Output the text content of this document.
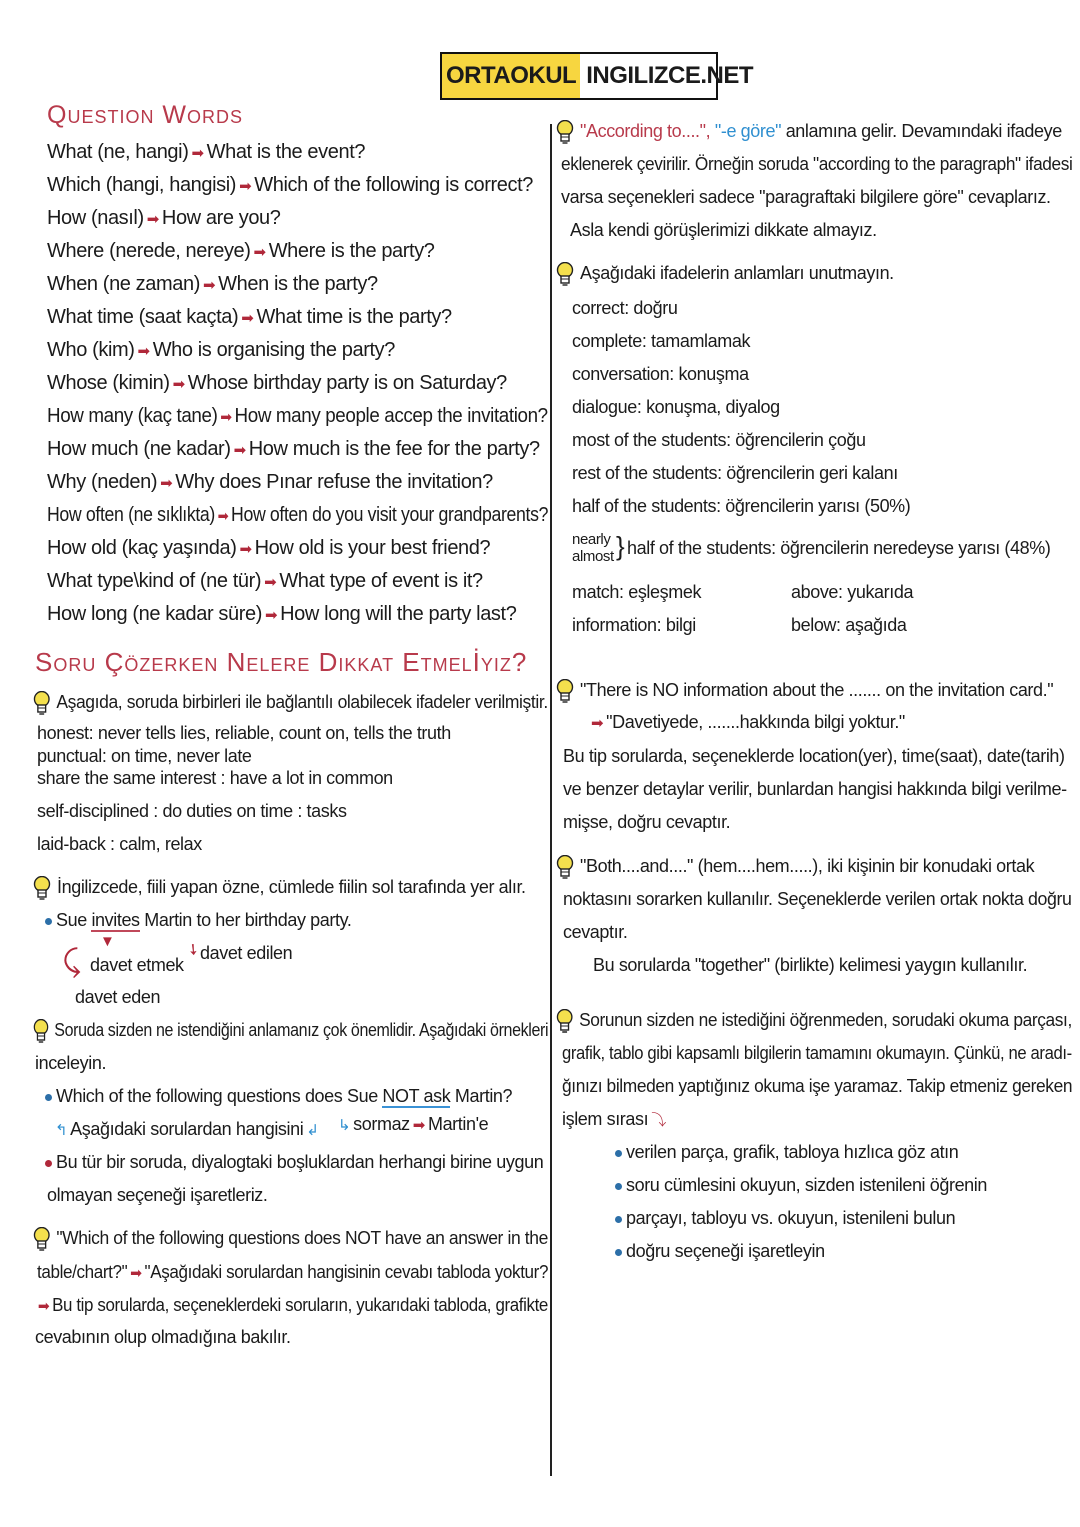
ORTAOKUL INGILIZCE.NET
Question Words
What (ne, hangi) ➡ What is the event?
Which (hangi, hangisi) ➡ Which of the following is correct?
How (nasıl) ➡ How are you?
Where (nerede, nereye) ➡ Where is the party?
When (ne zaman) ➡ When is the party?
What time (saat kaçta) ➡ What time is the party?
Who (kim) ➡ Who is organising the party?
Whose (kimin) ➡ Whose birthday party is on Saturday?
How many (kaç tane) ➡ How many people accep the invitation?
How much (ne kadar) ➡ How much is the fee for the party?
Why (neden) ➡ Why does Pınar refuse the invitation?
How often (ne sıklıkta) ➡ How often do you visit your grandparents?
How old (kaç yaşında) ➡ How old is your best friend?
What type\kind of (ne tür) ➡ What type of event is it?
How long (ne kadar süre) ➡ How long will the party last?
Soru Çözerken Nelere Dikkat Etmelİyiz?
Aşagıda, soruda birbirleri ile bağlantılı olabilecek ifadeler verilmiştir.
honest: never tells lies, reliable, count on, tells the truth
punctual: on time, never late
share the same interest : have a lot in common
self-disciplined : do duties on time : tasks
laid-back : calm, relax
İngilizcede, fiili yapan özne, cümlede fiilin sol tarafında yer alır.
Sue invites Martin to her birthday party.
▼	➘
⤹ davet etmek
davet edilen
davet eden
Soruda sizden ne istendiğini anlamanız çok önemlidir. Aşağıdaki örnekleri
inceleyin.
Which of the following questions does Sue NOT ask Martin?
↰ Aşağıdaki sorulardan hangisini ↲ ↳ sormaz ➡ Martin'e
Bu tür bir soruda, diyalogtaki boşluklardan herhangi birine uygun
olmayan seçeneği işaretleriz.
"Which of the following questions does NOT have an answer in the
table/chart?" ➡ "Aşağıdaki sorulardan hangisinin cevabı tabloda yoktur?
➡ Bu tip sorularda, seçeneklerdeki soruların, yukarıdaki tabloda, grafikte
cevabının olup olmadığına bakılır.
"According to....", "-e göre" anlamına gelir. Devamındaki ifadeye
eklenerek çevirilir. Örneğin soruda "according to the paragraph" ifadesi
varsa seçenekleri sadece "paragraftaki bilgilere göre" cevaplarız.
Asla kendi görüşlerimizi dikkate almayız.
Aşağıdaki ifadelerin anlamları unutmayın.
correct: doğru
complete: tamamlamak
conversation: konuşma
dialogue: konuşma, diyalog
most of the students: öğrencilerin çoğu
rest of the students: öğrencilerin geri kalanı
half of the students: öğrencilerin yarısı (50%)
nearly
almost } half of the students: öğrencilerin neredeyse yarısı (48%)
match: eşleşmek
information: bilgi
above: yukarıda
below: aşağıda
"There is NO information about the ....... on the invitation card."
➡ "Davetiyede, .......hakkında bilgi yoktur."
Bu tip sorularda, seçeneklerde location(yer), time(saat), date(tarih)
ve benzer detaylar verilir, bunlardan hangisi hakkında bilgi verilme-
mişse, doğru cevaptır.
"Both....and...." (hem....hem.....), iki kişinin bir konudaki ortak
noktasını sorarken kullanılır. Seçeneklerde verilen ortak nokta doğru
cevaptır.
Bu sorularda "together" (birlikte) kelimesi yaygın kullanılır.
Sorunun sizden ne istediğini öğrenmeden, sorudaki okuma parçası,
grafik, tablo gibi kapsamlı bilgilerin tamamını okumayın. Çünkü, ne aradı-
ğınızı bilmeden yaptığınız okuma işe yaramaz. Takip etmeniz gereken
işlem sırası ⤵
verilen parça, grafik, tabloya hızlıca göz atın
soru cümlesini okuyun, sizden istenileni öğrenin
parçayı, tabloyu vs. okuyun, istenileni bulun
doğru seçeneği işaretleyin
